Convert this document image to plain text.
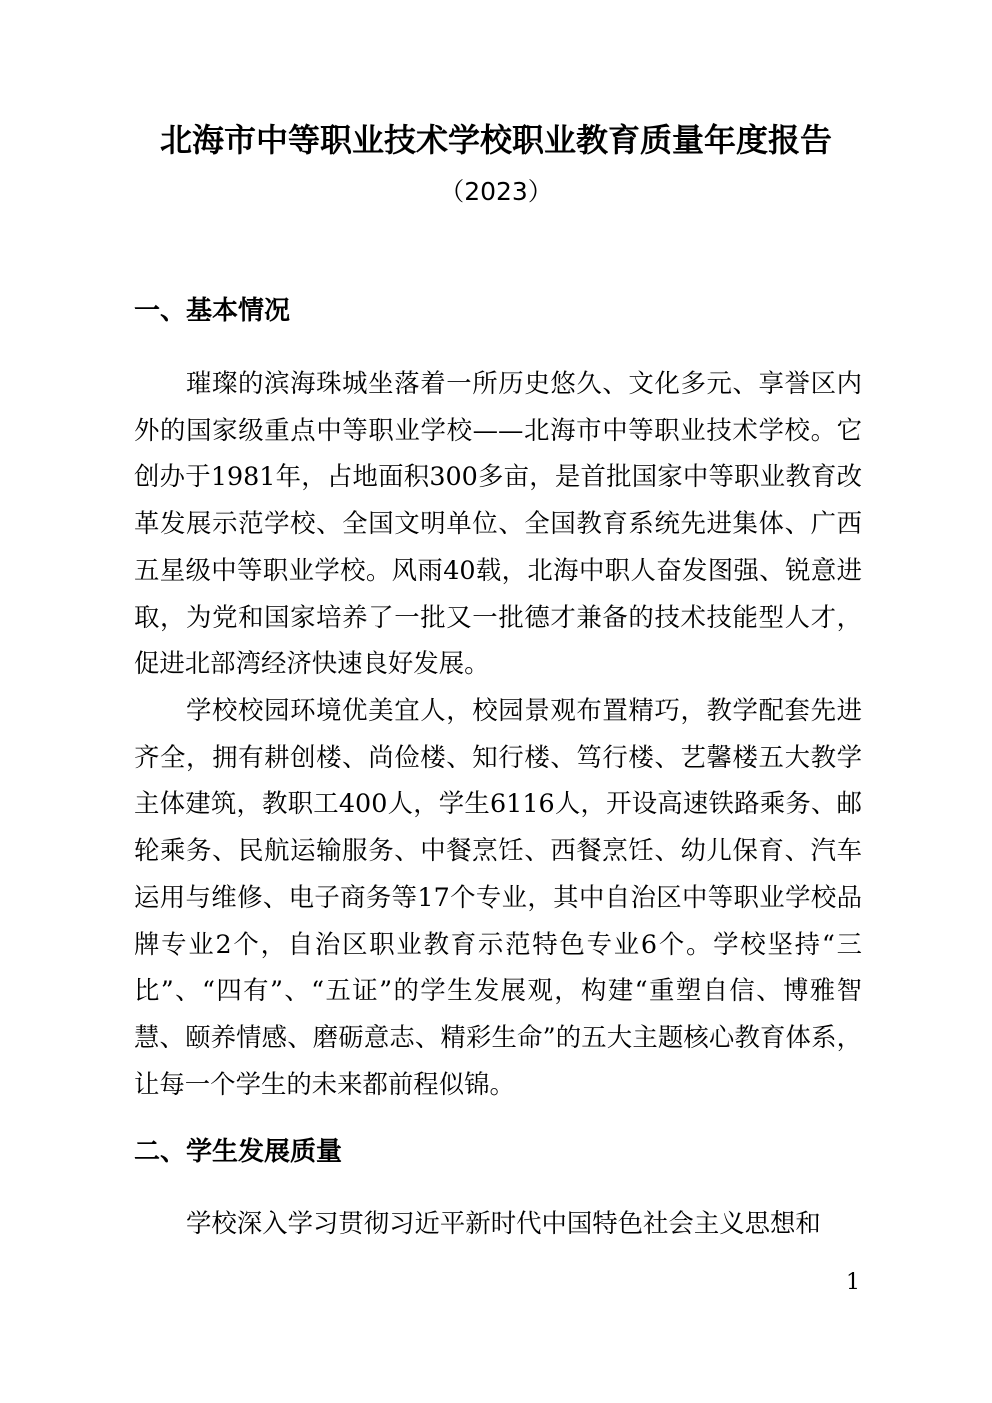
北海市中等职业技术学校职业教育质量年度报告
（2023）
一、基本情况

璀璨的滨海珠城坐落着一所历史悠久、文化多元、享誉区内外的国家级重点中等职业学校——北海市中等职业技术学校。它创办于1981年，占地面积300多亩，是首批国家中等职业教育改革发展示范学校、全国文明单位、全国教育系统先进集体、广西五星级中等职业学校。风雨40载，北海中职人奋发图强、锐意进取，为党和国家培养了一批又一批德才兼备的技术技能型人才，促进北部湾经济快速良好发展。

学校校园环境优美宜人，校园景观布置精巧，教学配套先进齐全，拥有耕创楼、尚俭楼、知行楼、笃行楼、艺馨楼五大教学主体建筑，教职工400人，学生6116人，开设高速铁路乘务、邮轮乘务、民航运输服务、中餐烹饪、西餐烹饪、幼儿保育、汽车运用与维修、电子商务等17个专业，其中自治区中等职业学校品牌专业2个，自治区职业教育示范特色专业6个。学校坚持“三比”、“四有”、“五证”的学生发展观，构建“重塑自信、博雅智慧、颐养情感、磨砺意志、精彩生命”的五大主题核心教育体系，让每一个学生的未来都前程似锦。

二、学生发展质量

学校深入学习贯彻习近平新时代中国特色社会主义思想和

1
